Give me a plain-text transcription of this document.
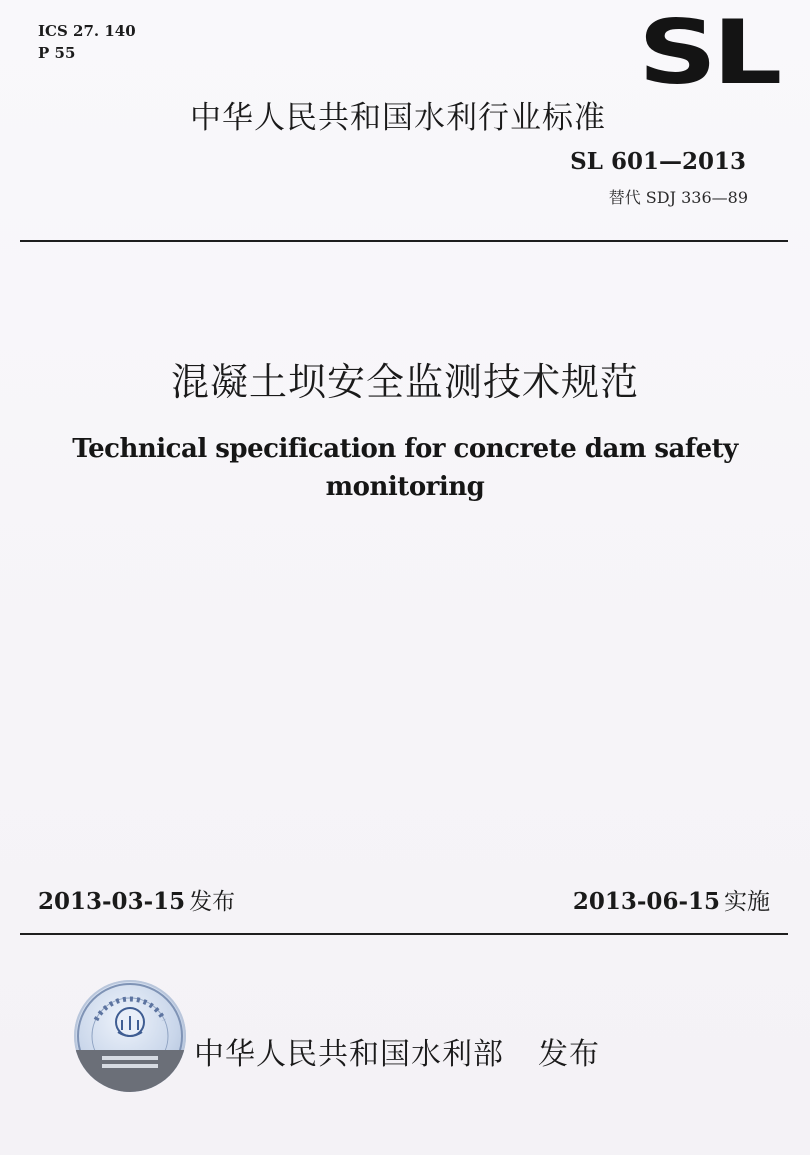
ICS 27. 140
P 55	SL
中华人民共和国水利行业标准
SL 601—2013
替代 SDJ 336—89
混凝土坝安全监测技术规范
Technical specification for concrete dam safety monitoring
2013-03-15 发布	2013-06-15 实施
中华人民共和国水利部 发布
